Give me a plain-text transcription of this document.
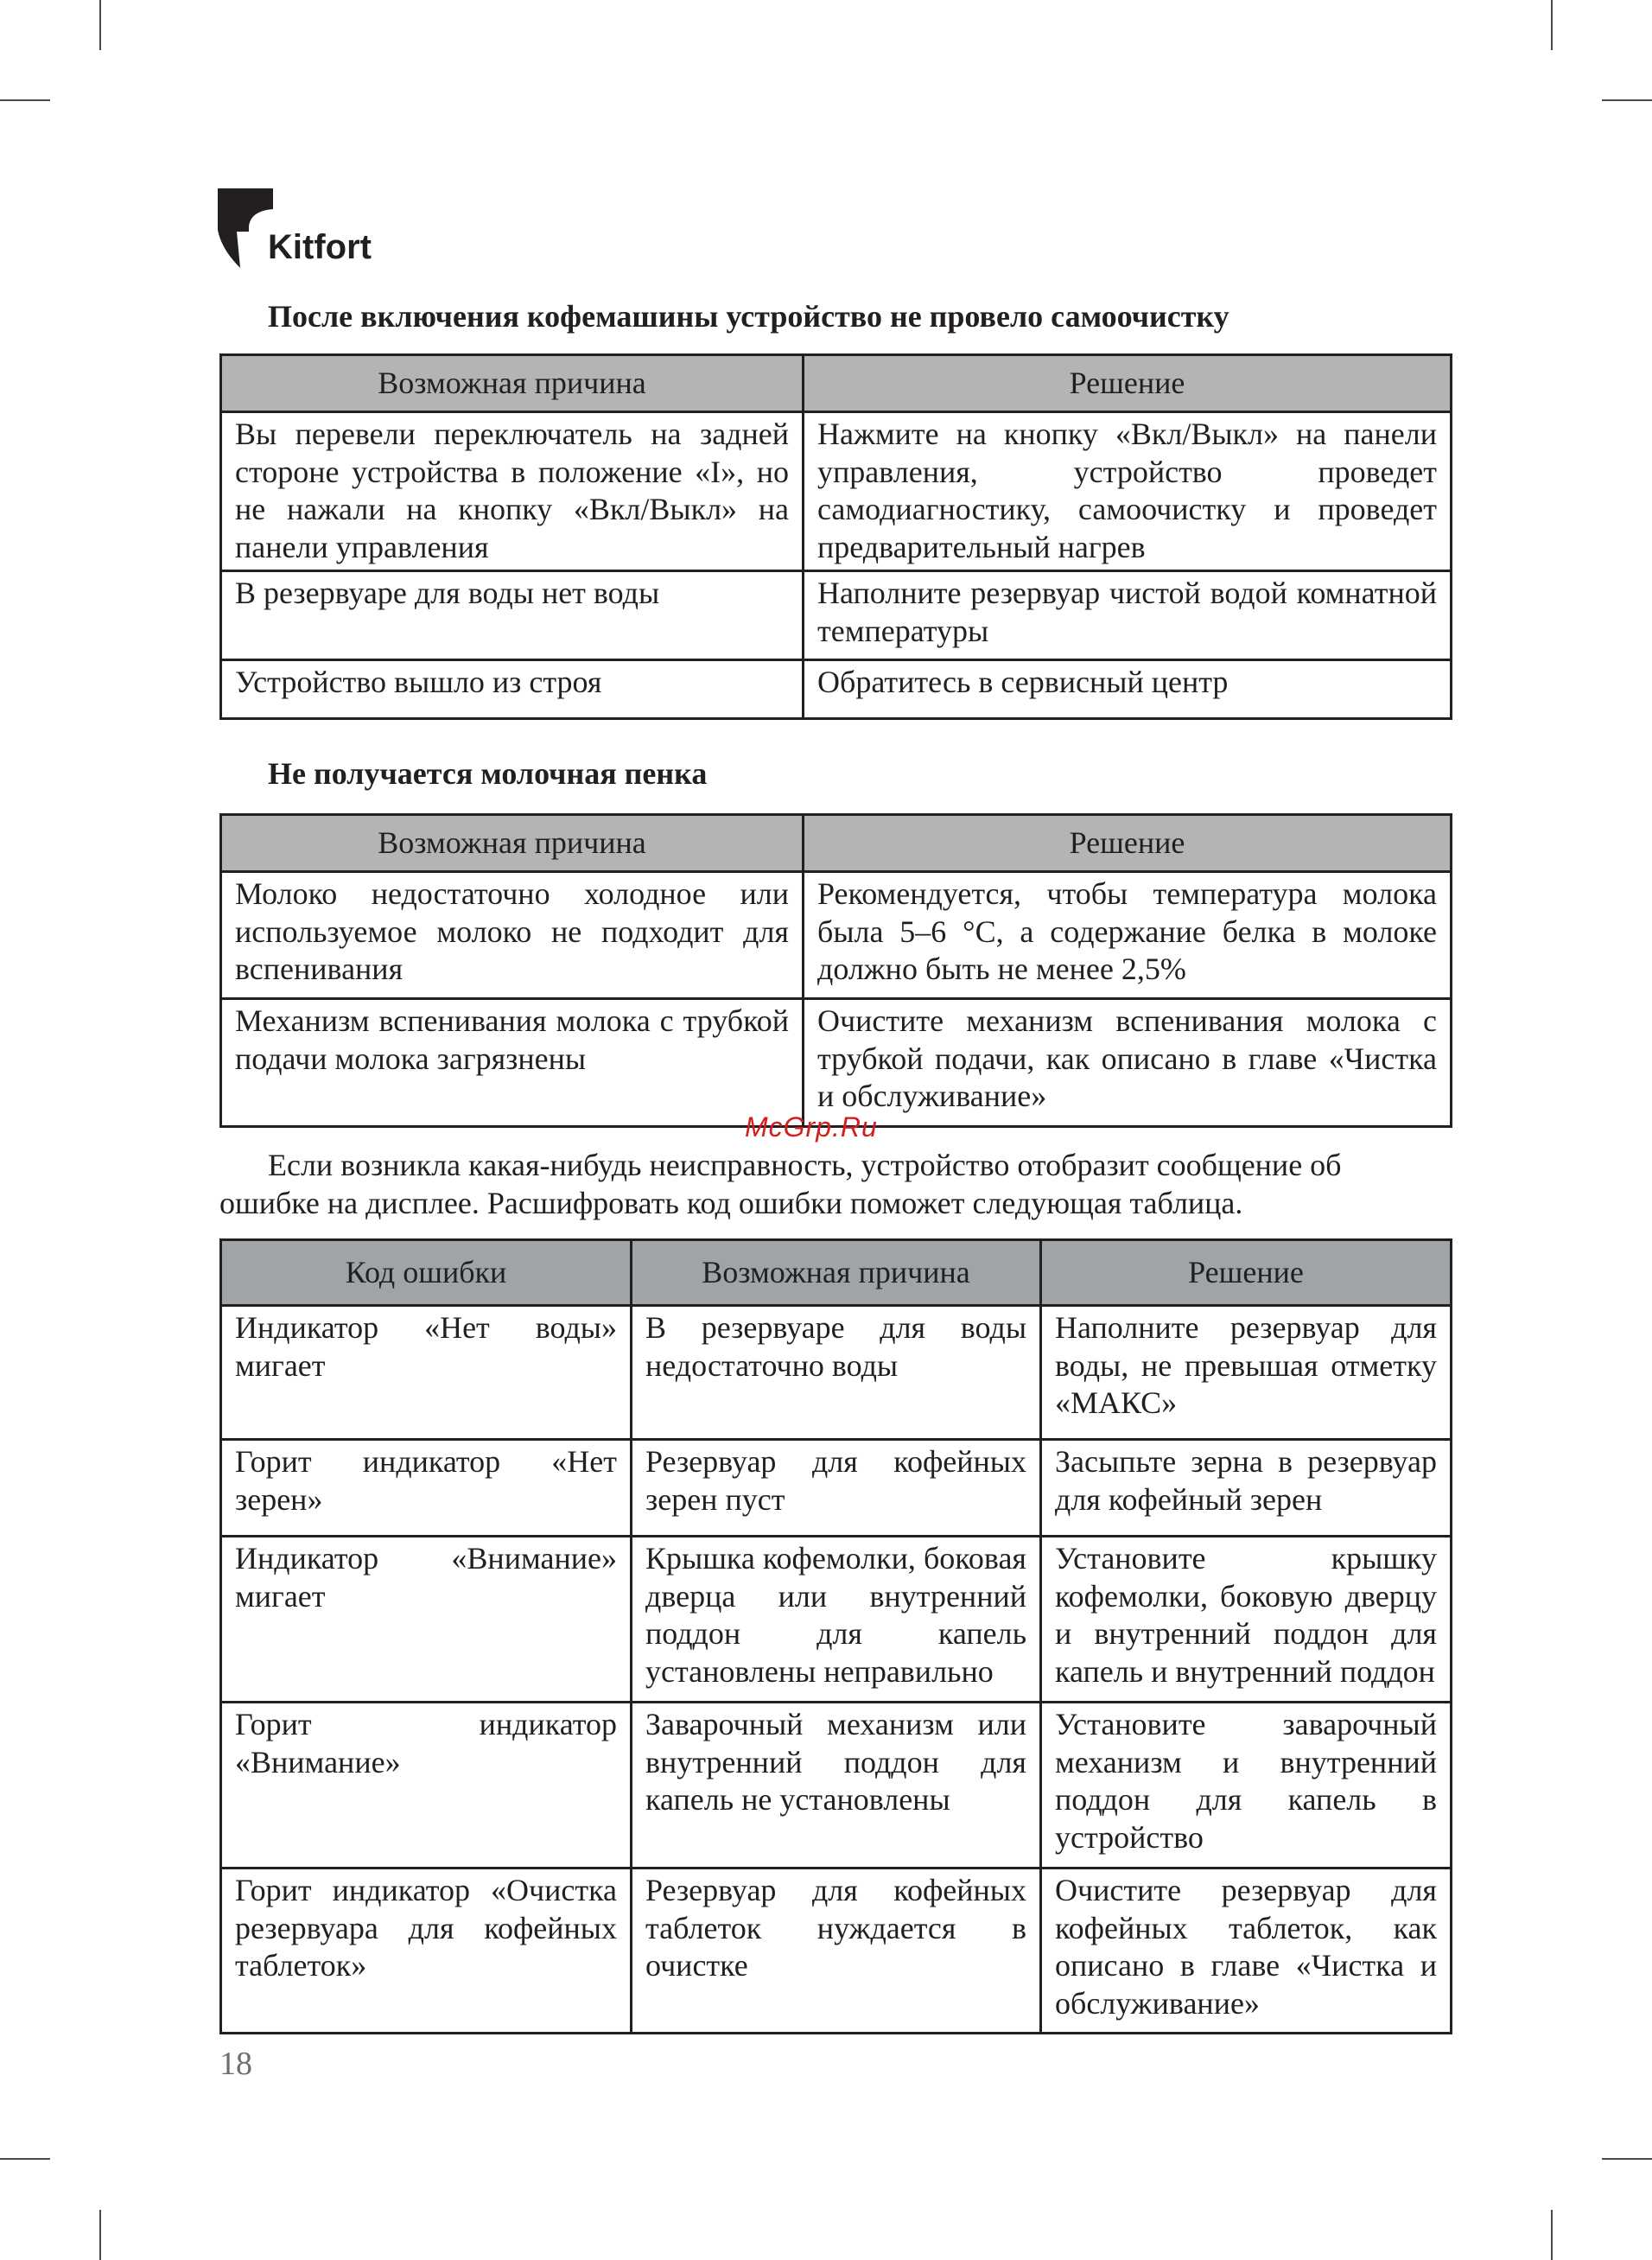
Kitfort
После включения кофемашины устройство не провело самоочистку
Возможная причина	Решение
Вы перевели переключатель на задней стороне устройства в положение «I», но не нажали на кнопку «Вкл/Выкл» на панели управления	Нажмите на кнопку «Вкл/Выкл» на панели управления, устройство проведет самодиагностику, самоочистку и проведет предварительный нагрев
В резервуаре для воды нет воды	Наполните резервуар чистой водой комнатной температуры
Устройство вышло из строя	Обратитесь в сервисный центр
Не получается молочная пенка
Возможная причина	Решение
Молоко недостаточно холодное или используемое молоко не подходит для вспенивания	Рекомендуется, чтобы температура молока была 5–6 °C, а содержание белка в молоке должно быть не менее 2,5%
Механизм вспенивания молока с трубкой подачи молока загрязнены	Очистите механизм вспенивания молока с трубкой подачи, как описано в главе «Чистка и обслуживание»
McGrp.Ru
Если возникла какая-нибудь неисправность, устройство отобразит сообщение об
ошибке на дисплее. Расшифровать код ошибки поможет следующая таблица.
Код ошибки	Возможная причина	Решение
Индикатор «Нет воды» мигает	В резервуаре для воды недостаточно воды	Наполните резервуар для воды, не превышая отметку «МАКС»
Горит индикатор «Нет зерен»	Резервуар для кофейных зерен пуст	Засыпьте зерна в резервуар для кофейный зерен
Индикатор «Внимание» мигает	Крышка кофемолки, боковая дверца или внутренний поддон для капель установлены неправильно	Установите крышку кофемолки, боковую дверцу и внутренний поддон для капель и внутренний поддон
Горит индикатор «Внимание»	Заварочный механизм или внутренний поддон для капель не установлены	Установите заварочный механизм и внутренний поддон для капель в устройство
Горит индикатор «Очистка резервуара для кофейных таблеток»	Резервуар для кофейных таблеток нуждается в очистке	Очистите резервуар для кофейных таблеток, как описано в главе «Чистка и обслуживание»
18
